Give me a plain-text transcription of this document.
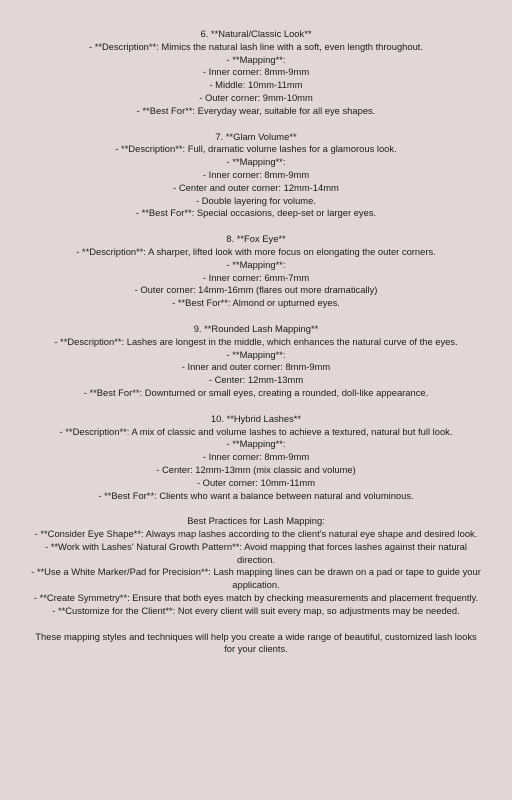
6. **Natural/Classic Look**
- **Description**: Mimics the natural lash line with a soft, even length throughout.
- **Mapping**:
- Inner corner: 8mm-9mm
- Middle: 10mm-11mm
- Outer corner: 9mm-10mm
- **Best For**: Everyday wear, suitable for all eye shapes.
7. **Glam Volume**
- **Description**: Full, dramatic volume lashes for a glamorous look.
- **Mapping**:
- Inner corner: 8mm-9mm
- Center and outer corner: 12mm-14mm
- Double layering for volume.
- **Best For**: Special occasions, deep-set or larger eyes.
8. **Fox Eye**
- **Description**: A sharper, lifted look with more focus on elongating the outer corners.
- **Mapping**:
- Inner corner: 6mm-7mm
- Outer corner: 14mm-16mm (flares out more dramatically)
- **Best For**: Almond or upturned eyes.
9. **Rounded Lash Mapping**
- **Description**: Lashes are longest in the middle, which enhances the natural curve of the eyes.
- **Mapping**:
- Inner and outer corner: 8mm-9mm
- Center: 12mm-13mm
- **Best For**: Downturned or small eyes, creating a rounded, doll-like appearance.
10. **Hybrid Lashes**
- **Description**: A mix of classic and volume lashes to achieve a textured, natural but full look.
- **Mapping**:
- Inner corner: 8mm-9mm
- Center: 12mm-13mm (mix classic and volume)
- Outer corner: 10mm-11mm
- **Best For**: Clients who want a balance between natural and voluminous.
Best Practices for Lash Mapping:
- **Consider Eye Shape**: Always map lashes according to the client's natural eye shape and desired look.
- **Work with Lashes' Natural Growth Pattern**: Avoid mapping that forces lashes against their natural direction.
- **Use a White Marker/Pad for Precision**: Lash mapping lines can be drawn on a pad or tape to guide your application.
- **Create Symmetry**: Ensure that both eyes match by checking measurements and placement frequently.
- **Customize for the Client**: Not every client will suit every map, so adjustments may be needed.
These mapping styles and techniques will help you create a wide range of beautiful, customized lash looks for your clients.
